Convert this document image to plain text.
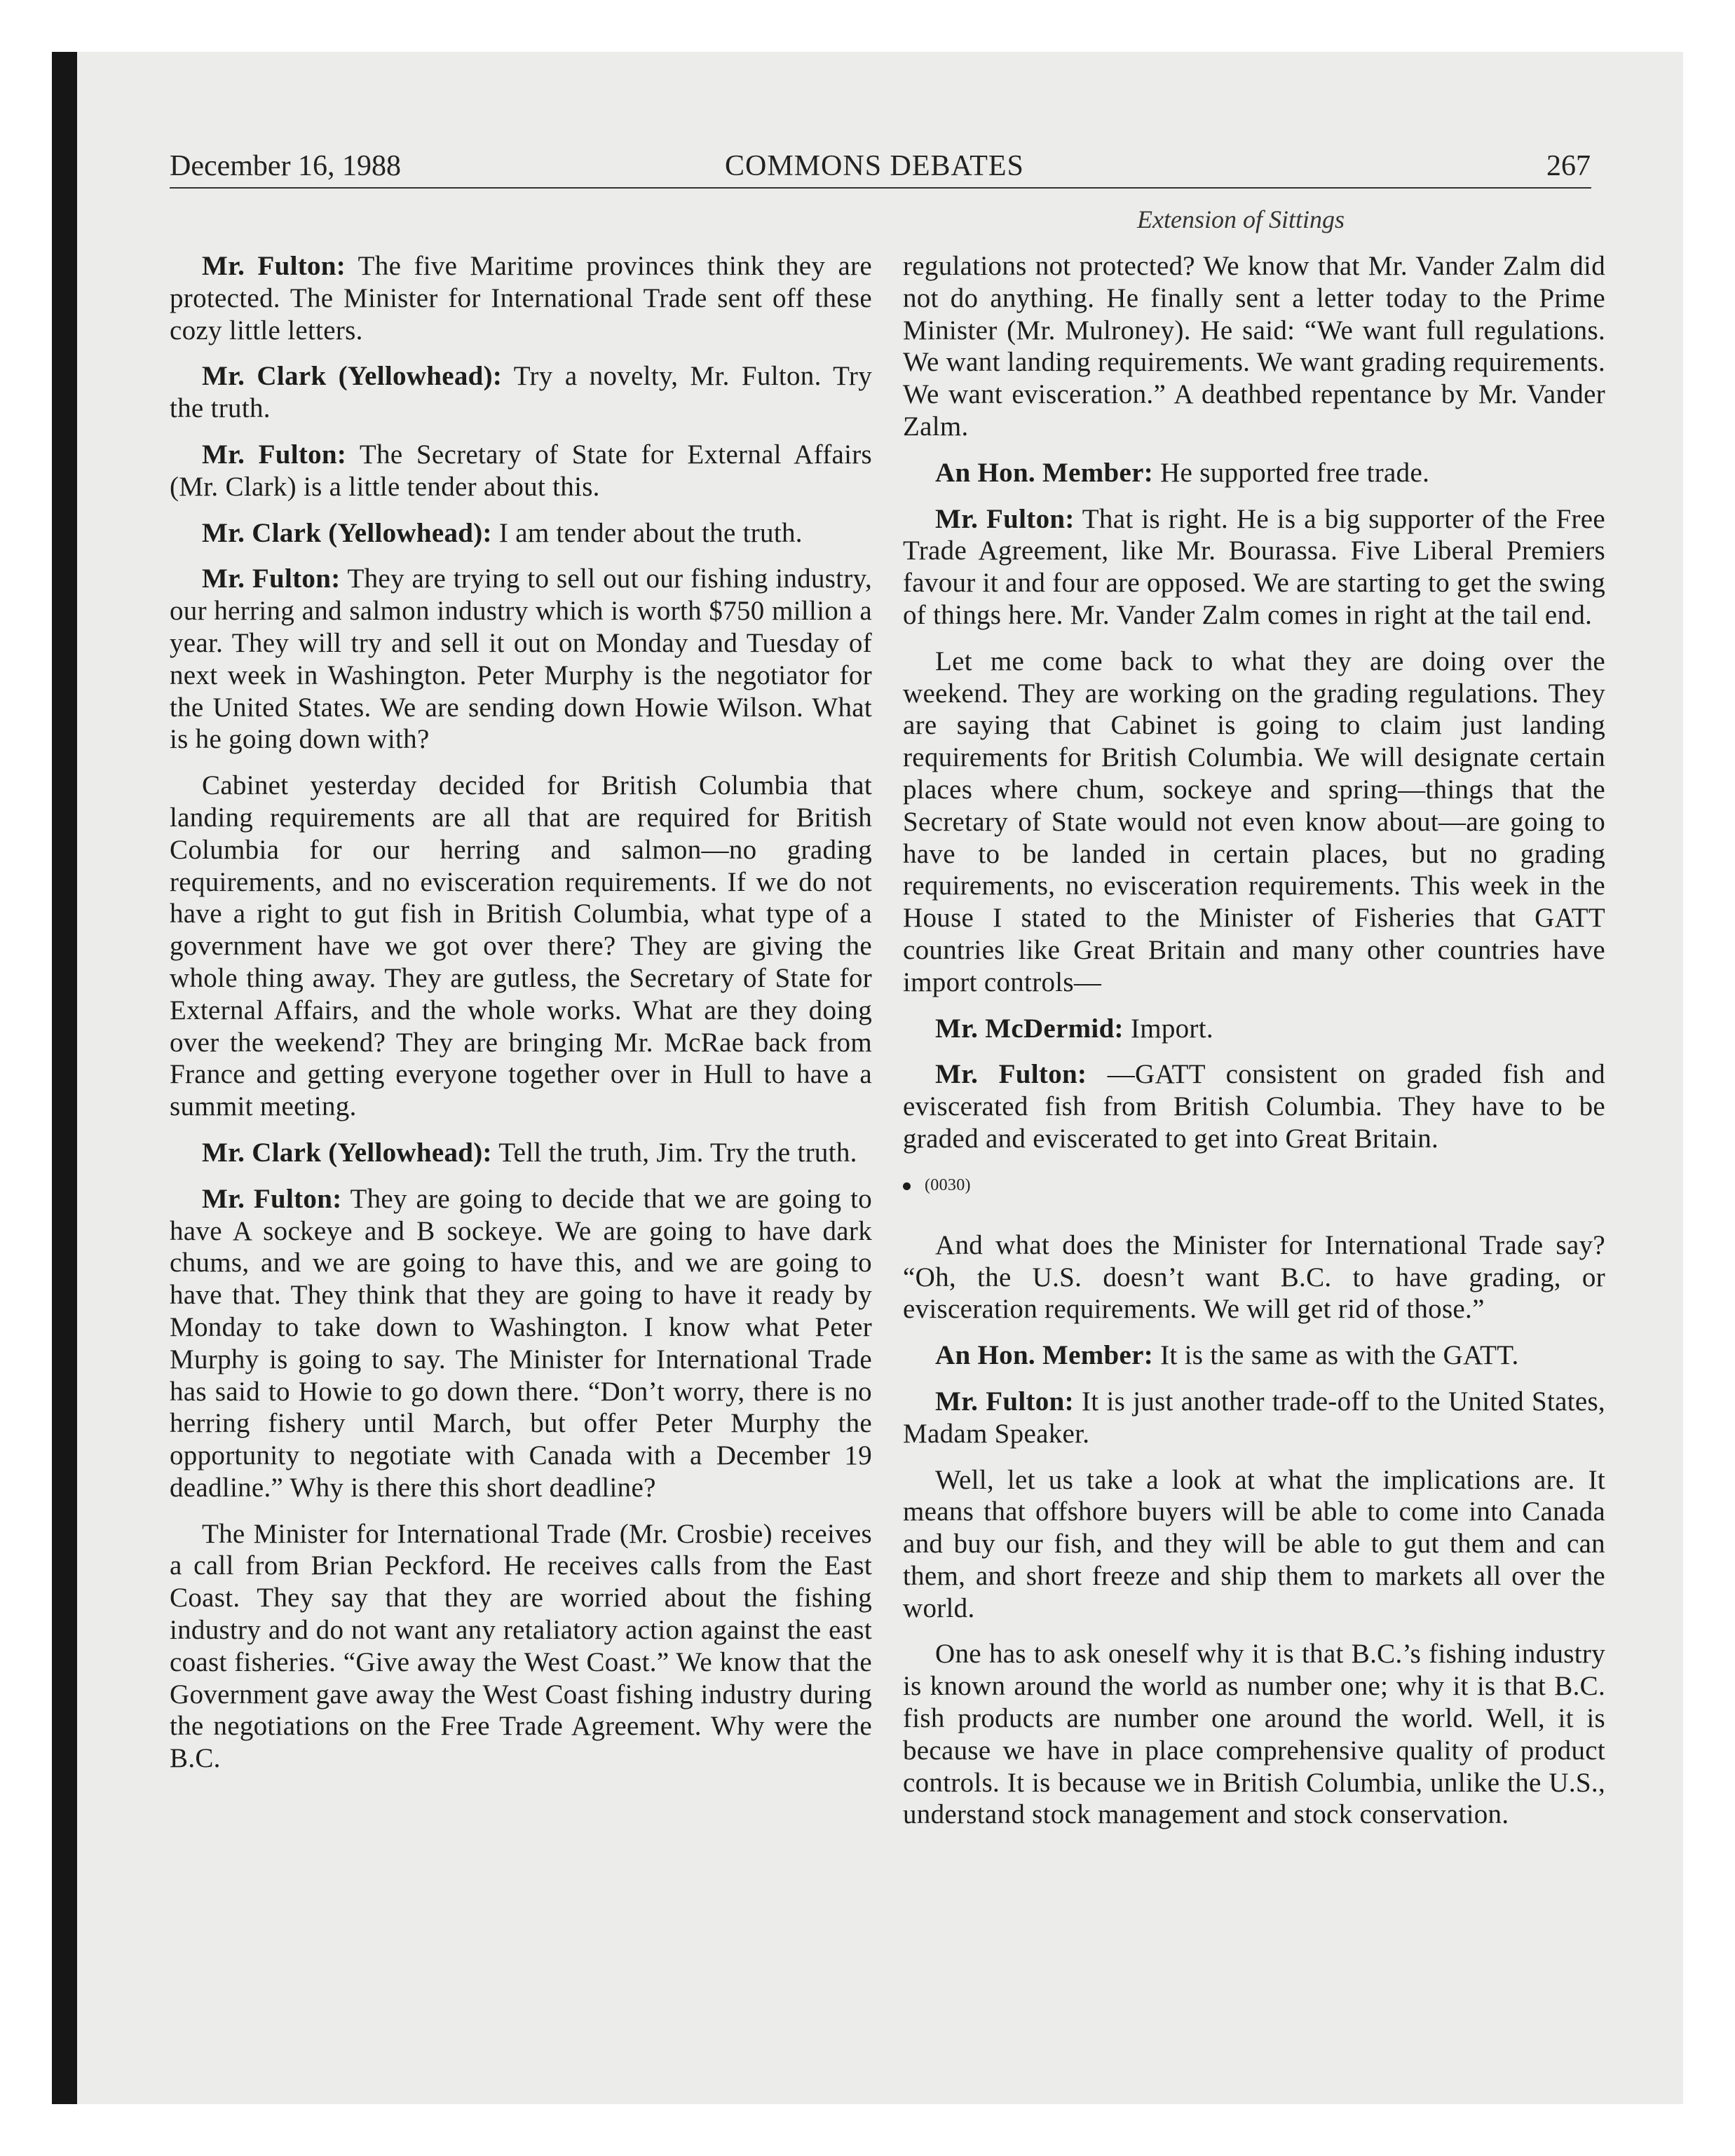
December 16, 1988	COMMONS DEBATES	267
Extension of Sittings

Mr. Fulton: The five Maritime provinces think they are protected. The Minister for International Trade sent off these cozy little letters.

Mr. Clark (Yellowhead): Try a novelty, Mr. Fulton. Try the truth.

Mr. Fulton: The Secretary of State for External Affairs (Mr. Clark) is a little tender about this.

Mr. Clark (Yellowhead): I am tender about the truth.

Mr. Fulton: They are trying to sell out our fishing industry, our herring and salmon industry which is worth $750 million a year. They will try and sell it out on Monday and Tuesday of next week in Washington. Peter Murphy is the negotiator for the United States. We are sending down Howie Wilson. What is he going down with?

Cabinet yesterday decided for British Columbia that landing requirements are all that are required for British Columbia for our herring and salmon—no grading requirements, and no evisceration requirements. If we do not have a right to gut fish in British Columbia, what type of a government have we got over there? They are giving the whole thing away. They are gutless, the Secretary of State for External Affairs, and the whole works. What are they doing over the weekend? They are bringing Mr. McRae back from France and getting everyone together over in Hull to have a summit meeting.

Mr. Clark (Yellowhead): Tell the truth, Jim. Try the truth.

Mr. Fulton: They are going to decide that we are going to have A sockeye and B sockeye. We are going to have dark chums, and we are going to have this, and we are going to have that. They think that they are going to have it ready by Monday to take down to Washington. I know what Peter Murphy is going to say. The Minister for International Trade has said to Howie to go down there. “Don’t worry, there is no herring fishery until March, but offer Peter Murphy the opportunity to negotiate with Canada with a December 19 deadline.” Why is there this short deadline?

The Minister for International Trade (Mr. Crosbie) receives a call from Brian Peckford. He receives calls from the East Coast. They say that they are worried about the fishing industry and do not want any retaliatory action against the east coast fisheries. “Give away the West Coast.” We know that the Government gave away the West Coast fishing industry during the negotiations on the Free Trade Agreement. Why were the B.C.

regulations not protected? We know that Mr. Vander Zalm did not do anything. He finally sent a letter today to the Prime Minister (Mr. Mulroney). He said: “We want full regulations. We want landing requirements. We want grading requirements. We want evisceration.” A deathbed repentance by Mr. Vander Zalm.

An Hon. Member: He supported free trade.

Mr. Fulton: That is right. He is a big supporter of the Free Trade Agreement, like Mr. Bourassa. Five Liberal Premiers favour it and four are opposed. We are starting to get the swing of things here. Mr. Vander Zalm comes in right at the tail end.

Let me come back to what they are doing over the weekend. They are working on the grading regulations. They are saying that Cabinet is going to claim just landing requirements for British Columbia. We will designate certain places where chum, sockeye and spring—things that the Secretary of State would not even know about—are going to have to be landed in certain places, but no grading requirements, no evisceration requirements. This week in the House I stated to the Minister of Fisheries that GATT countries like Great Britain and many other countries have import controls—

Mr. McDermid: Import.

Mr. Fulton: —GATT consistent on graded fish and eviscerated fish from British Columbia. They have to be graded and eviscerated to get into Great Britain.

(0030)

And what does the Minister for International Trade say? “Oh, the U.S. doesn’t want B.C. to have grading, or evisceration requirements. We will get rid of those.”

An Hon. Member: It is the same as with the GATT.

Mr. Fulton: It is just another trade-off to the United States, Madam Speaker.

Well, let us take a look at what the implications are. It means that offshore buyers will be able to come into Canada and buy our fish, and they will be able to gut them and can them, and short freeze and ship them to markets all over the world.

One has to ask oneself why it is that B.C.’s fishing industry is known around the world as number one; why it is that B.C. fish products are number one around the world. Well, it is because we have in place comprehensive quality of product controls. It is because we in British Columbia, unlike the U.S., understand stock management and stock conservation.
